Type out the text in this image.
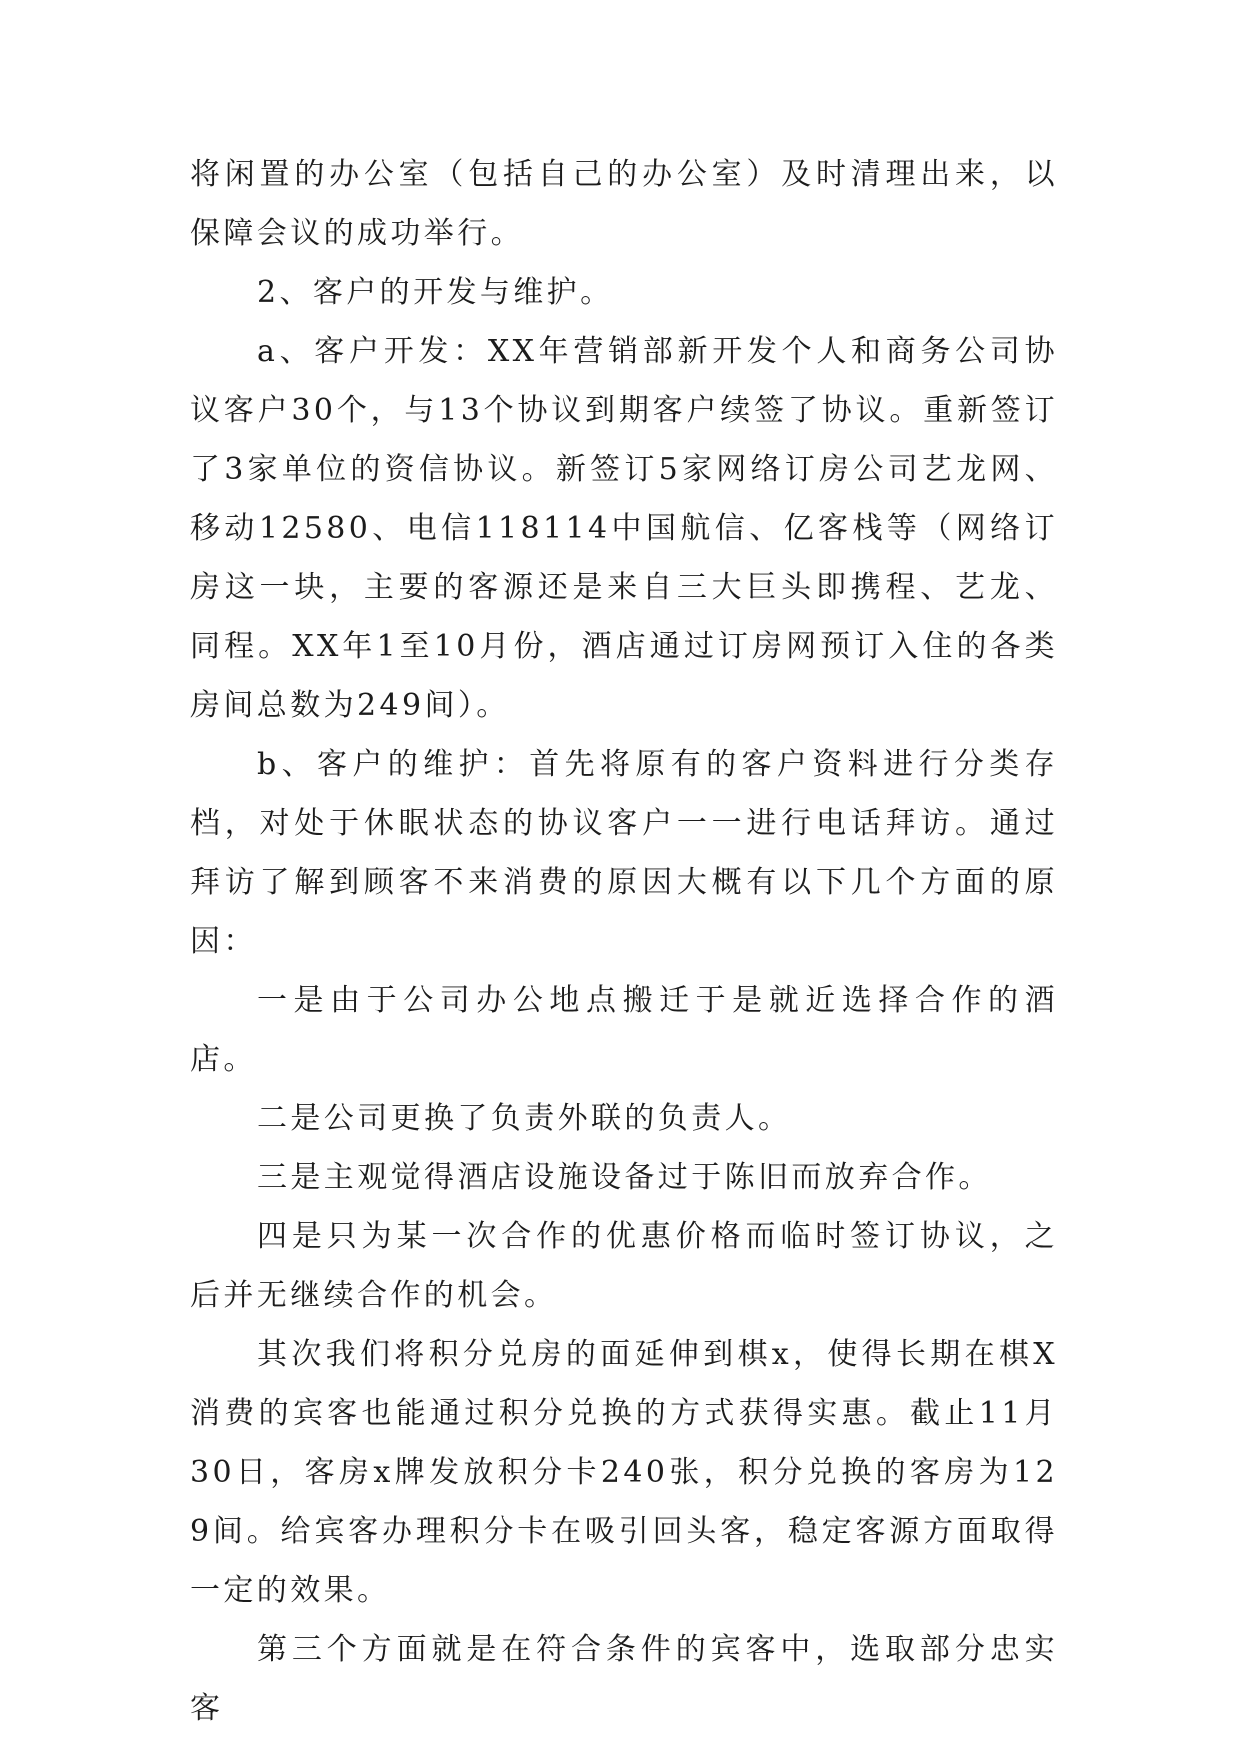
将闲置的办公室（包括自己的办公室）及时清理出来，以保障会议的成功举行。

2、客户的开发与维护。

a、客户开发：XX年营销部新开发个人和商务公司协议客户30个，与13个协议到期客户续签了协议。重新签订了3家单位的资信协议。新签订5家网络订房公司艺龙网、移动12580、电信118114中国航信、亿客栈等（网络订房这一块，主要的客源还是来自三大巨头即携程、艺龙、同程。XX年1至10月份，酒店通过订房网预订入住的各类房间总数为249间）。

b、客户的维护：首先将原有的客户资料进行分类存档，对处于休眠状态的协议客户一一进行电话拜访。通过拜访了解到顾客不来消费的原因大概有以下几个方面的原因：

一是由于公司办公地点搬迁于是就近选择合作的酒店。

二是公司更换了负责外联的负责人。

三是主观觉得酒店设施设备过于陈旧而放弃合作。

四是只为某一次合作的优惠价格而临时签订协议，之后并无继续合作的机会。

其次我们将积分兑房的面延伸到棋x，使得长期在棋X消费的宾客也能通过积分兑换的方式获得实惠。截止11月30日，客房x牌发放积分卡240张，积分兑换的客房为129间。给宾客办理积分卡在吸引回头客，稳定客源方面取得一定的效果。

第三个方面就是在符合条件的宾客中，选取部分忠实客
